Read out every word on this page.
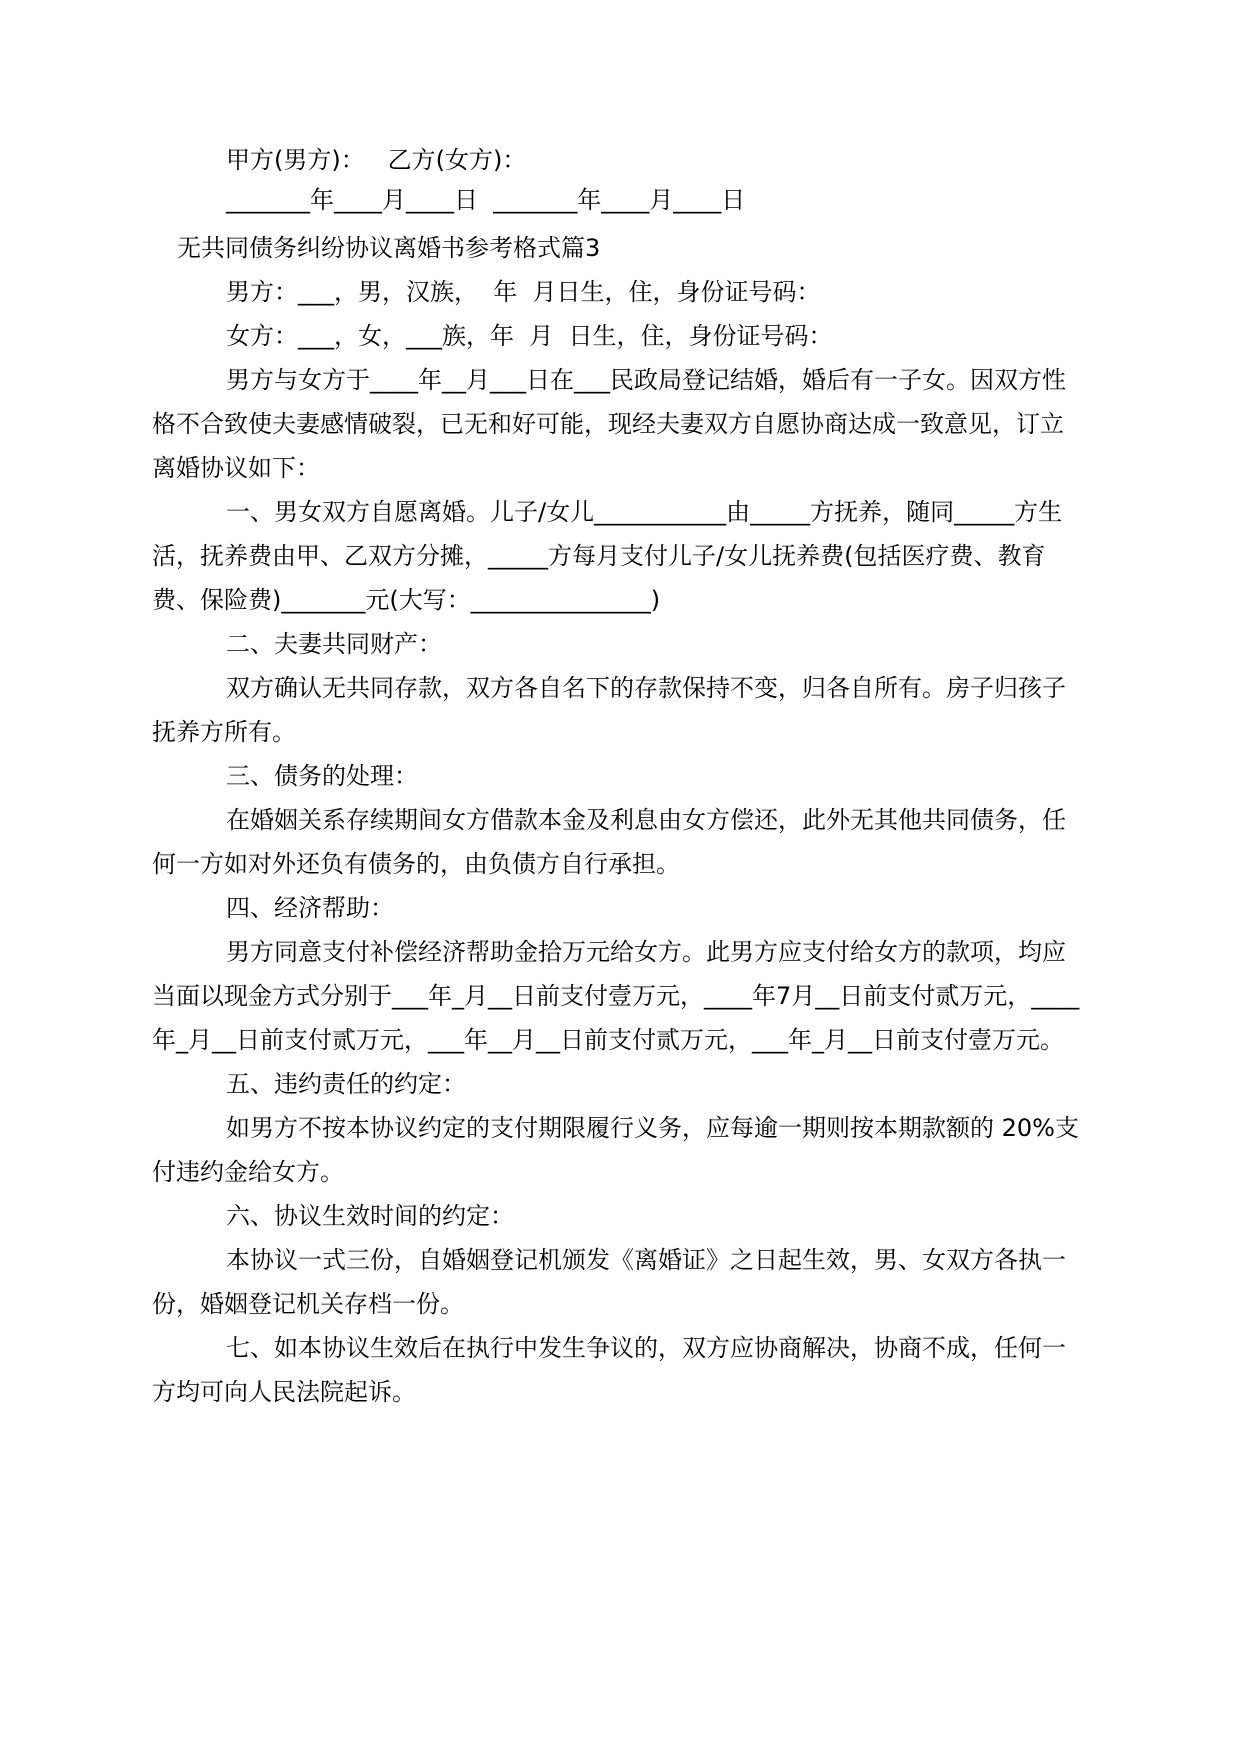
甲方(男方)：   乙方(女方)：

_______年____月____日  _______年____月____日

无共同债务纠纷协议离婚书参考格式篇3

男方：___，男，汉族，  年  月日生，住，身份证号码：

女方：___，女，___族，年  月  日生，住，身份证号码：

男方与女方于____年__月___日在___民政局登记结婚，婚后有一子女。因双方性

格不合致使夫妻感情破裂，已无和好可能，现经夫妻双方自愿协商达成一致意见，订立

离婚协议如下：

一、男女双方自愿离婚。儿子/女儿___________由_____方抚养，随同_____方生

活，抚养费由甲、乙双方分摊，_____方每月支付儿子/女儿抚养费(包括医疗费、教育

费、保险费)_______元(大写：_______________)

二、夫妻共同财产：

双方确认无共同存款，双方各自名下的存款保持不变，归各自所有。房子归孩子

抚养方所有。

三、债务的处理：

在婚姻关系存续期间女方借款本金及利息由女方偿还，此外无其他共同债务，任

何一方如对外还负有债务的，由负债方自行承担。

四、经济帮助：

男方同意支付补偿经济帮助金拾万元给女方。此男方应支付给女方的款项，均应

当面以现金方式分别于___年_月__日前支付壹万元，____年7月__日前支付贰万元，____

年_月__日前支付贰万元，___年__月__日前支付贰万元，___年_月__日前支付壹万元。

五、违约责任的约定：

如男方不按本协议约定的支付期限履行义务，应每逾一期则按本期款额的 20%支

付违约金给女方。

六、协议生效时间的约定：

本协议一式三份，自婚姻登记机颁发《离婚证》之日起生效，男、女双方各执一

份，婚姻登记机关存档一份。

七、如本协议生效后在执行中发生争议的，双方应协商解决，协商不成，任何一

方均可向人民法院起诉。
